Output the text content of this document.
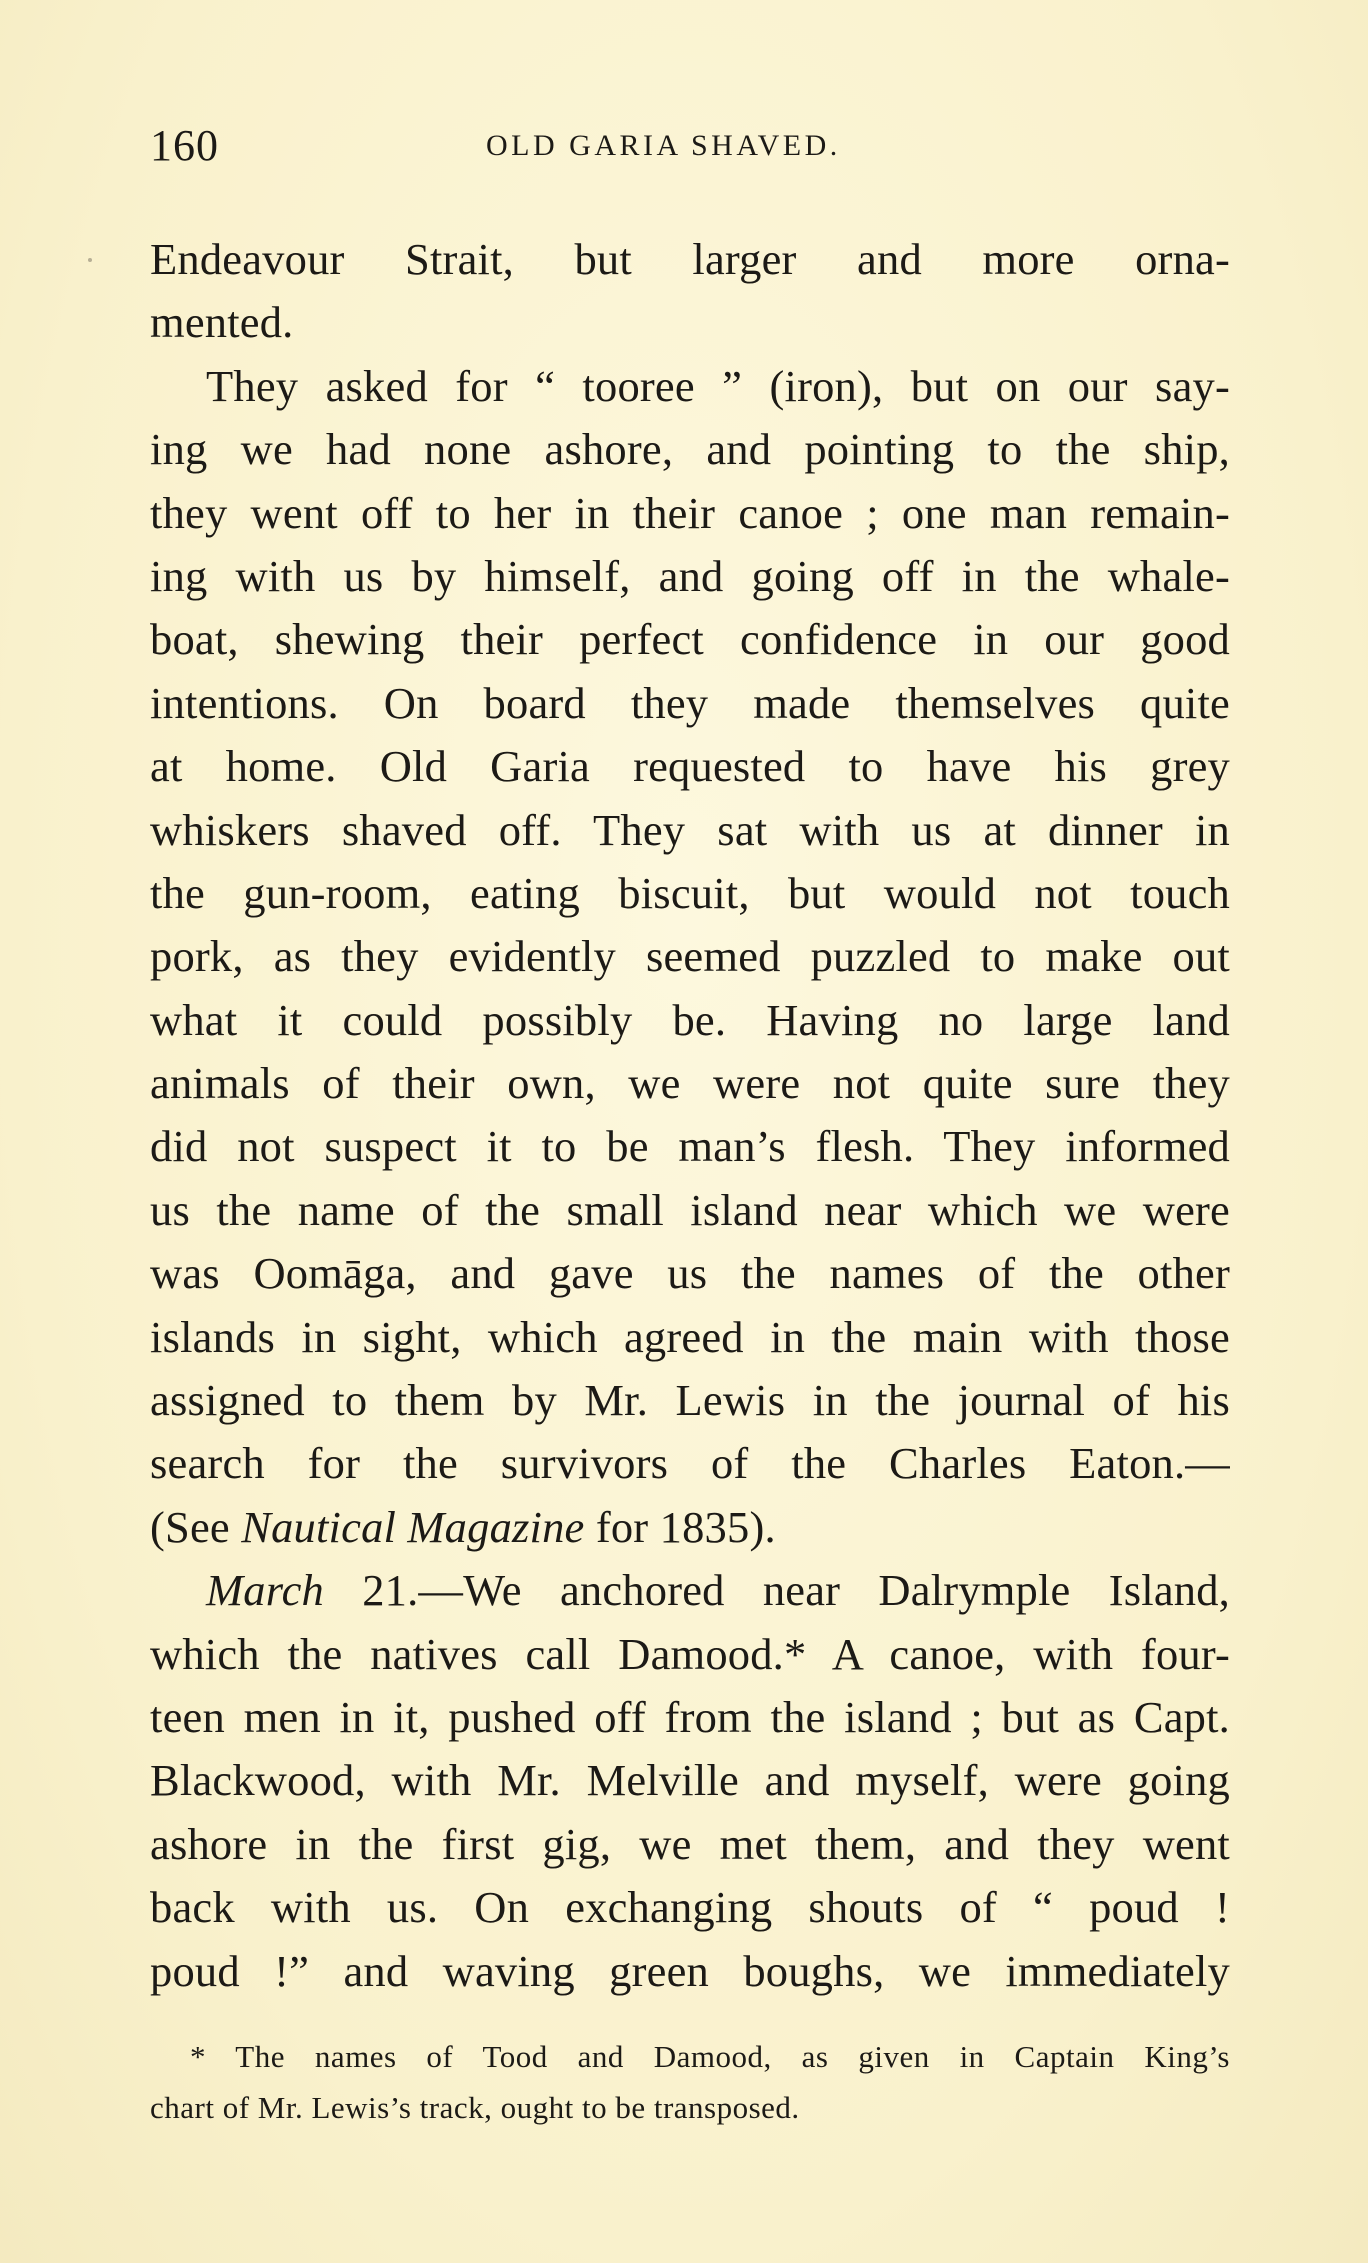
160	OLD GARIA SHAVED.
Endeavour Strait, but larger and more orna-
mented.
They asked for “ tooree ” (iron), but on our say-
ing we had none ashore, and pointing to the ship,
they went off to her in their canoe ; one man remain-
ing with us by himself, and going off in the whale-
boat, shewing their perfect confidence in our good
intentions. On board they made themselves quite
at home. Old Garia requested to have his grey
whiskers shaved off. They sat with us at dinner in
the gun-room, eating biscuit, but would not touch
pork, as they evidently seemed puzzled to make out
what it could possibly be. Having no large land
animals of their own, we were not quite sure they
did not suspect it to be man’s flesh. They informed
us the name of the small island near which we were
was Oomāga, and gave us the names of the other
islands in sight, which agreed in the main with those
assigned to them by Mr. Lewis in the journal of his
search for the survivors of the Charles Eaton.—
(See Nautical Magazine for 1835).
March 21.—We anchored near Dalrymple Island,
which the natives call Damood.* A canoe, with four-
teen men in it, pushed off from the island ; but as Capt.
Blackwood, with Mr. Melville and myself, were going
ashore in the first gig, we met them, and they went
back with us. On exchanging shouts of “ poud !
poud !” and waving green boughs, we immediately
* The names of Tood and Damood, as given in Captain King’s
chart of Mr. Lewis’s track, ought to be transposed.
